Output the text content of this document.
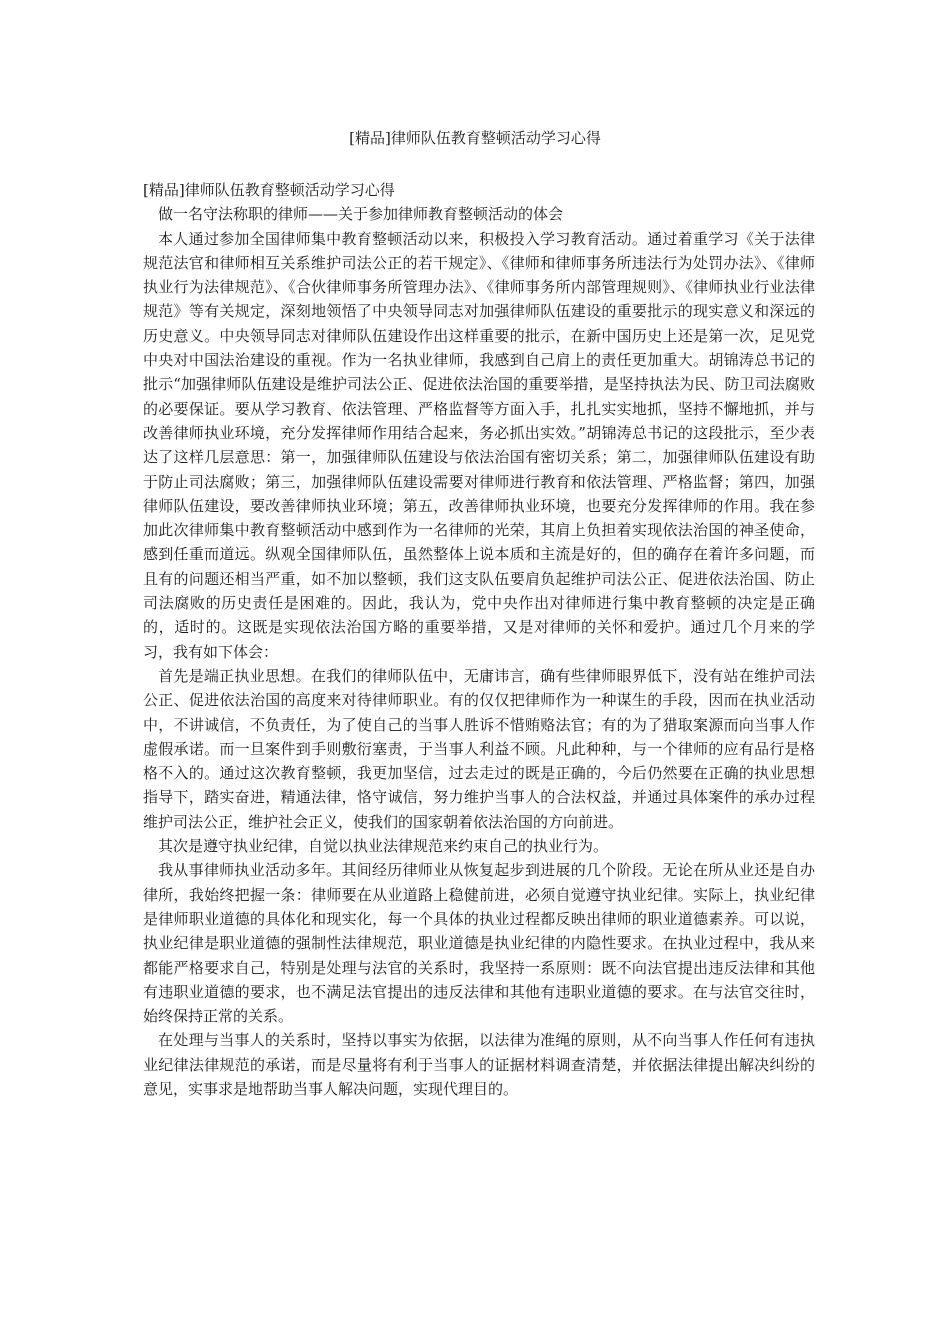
[精品]律师队伍教育整顿活动学习心得

[精品]律师队伍教育整顿活动学习心得

做一名守法称职的律师——关于参加律师教育整顿活动的体会

本人通过参加全国律师集中教育整顿活动以来，积极投入学习教育活动。通过着重学习《关于法律规范法官和律师相互关系维护司法公正的若干规定》、《律师和律师事务所违法行为处罚办法》、《律师执业行为法律规范》、《合伙律师事务所管理办法》、《律师事务所内部管理规则》、《律师执业行业法律规范》等有关规定，深刻地领悟了中央领导同志对加强律师队伍建设的重要批示的现实意义和深远的历史意义。中央领导同志对律师队伍建设作出这样重要的批示，在新中国历史上还是第一次，足见党中央对中国法治建设的重视。作为一名执业律师，我感到自己肩上的责任更加重大。胡锦涛总书记的批示“加强律师队伍建设是维护司法公正、促进依法治国的重要举措，是坚持执法为民、防卫司法腐败的必要保证。要从学习教育、依法管理、严格监督等方面入手，扎扎实实地抓，坚持不懈地抓，并与改善律师执业环境，充分发挥律师作用结合起来，务必抓出实效。”胡锦涛总书记的这段批示，至少表达了这样几层意思：第一，加强律师队伍建设与依法治国有密切关系；第二，加强律师队伍建设有助于防止司法腐败；第三，加强律师队伍建设需要对律师进行教育和依法管理、严格监督；第四，加强律师队伍建设，要改善律师执业环境；第五，改善律师执业环境，也要充分发挥律师的作用。我在参加此次律师集中教育整顿活动中感到作为一名律师的光荣，其肩上负担着实现依法治国的神圣使命，感到任重而道远。纵观全国律师队伍，虽然整体上说本质和主流是好的，但的确存在着许多问题，而且有的问题还相当严重，如不加以整顿，我们这支队伍要肩负起维护司法公正、促进依法治国、防止司法腐败的历史责任是困难的。因此，我认为，党中央作出对律师进行集中教育整顿的决定是正确的，适时的。这既是实现依法治国方略的重要举措，又是对律师的关怀和爱护。通过几个月来的学习，我有如下体会：

首先是端正执业思想。在我们的律师队伍中，无庸讳言，确有些律师眼界低下，没有站在维护司法公正、促进依法治国的高度来对待律师职业。有的仅仅把律师作为一种谋生的手段，因而在执业活动中，不讲诚信，不负责任，为了使自己的当事人胜诉不惜贿赂法官；有的为了猎取案源而向当事人作虚假承诺。而一旦案件到手则敷衍塞责，于当事人利益不顾。凡此种种，与一个律师的应有品行是格格不入的。通过这次教育整顿，我更加坚信，过去走过的既是正确的，今后仍然要在正确的执业思想指导下，踏实奋进，精通法律，恪守诚信，努力维护当事人的合法权益，并通过具体案件的承办过程维护司法公正，维护社会正义，使我们的国家朝着依法治国的方向前进。

其次是遵守执业纪律，自觉以执业法律规范来约束自己的执业行为。

我从事律师执业活动多年。其间经历律师业从恢复起步到进展的几个阶段。无论在所从业还是自办律所，我始终把握一条：律师要在从业道路上稳健前进，必须自觉遵守执业纪律。实际上，执业纪律是律师职业道德的具体化和现实化，每一个具体的执业过程都反映出律师的职业道德素养。可以说，执业纪律是职业道德的强制性法律规范，职业道德是执业纪律的内隐性要求。在执业过程中，我从来都能严格要求自己，特别是处理与法官的关系时，我坚持一系原则：既不向法官提出违反法律和其他有违职业道德的要求，也不满足法官提出的违反法律和其他有违职业道德的要求。在与法官交往时，始终保持正常的关系。

在处理与当事人的关系时，坚持以事实为依据，以法律为准绳的原则，从不向当事人作任何有违执业纪律法律规范的承诺，而是尽量将有利于当事人的证据材料调查清楚，并依据法律提出解决纠纷的意见，实事求是地帮助当事人解决问题，实现代理目的。
